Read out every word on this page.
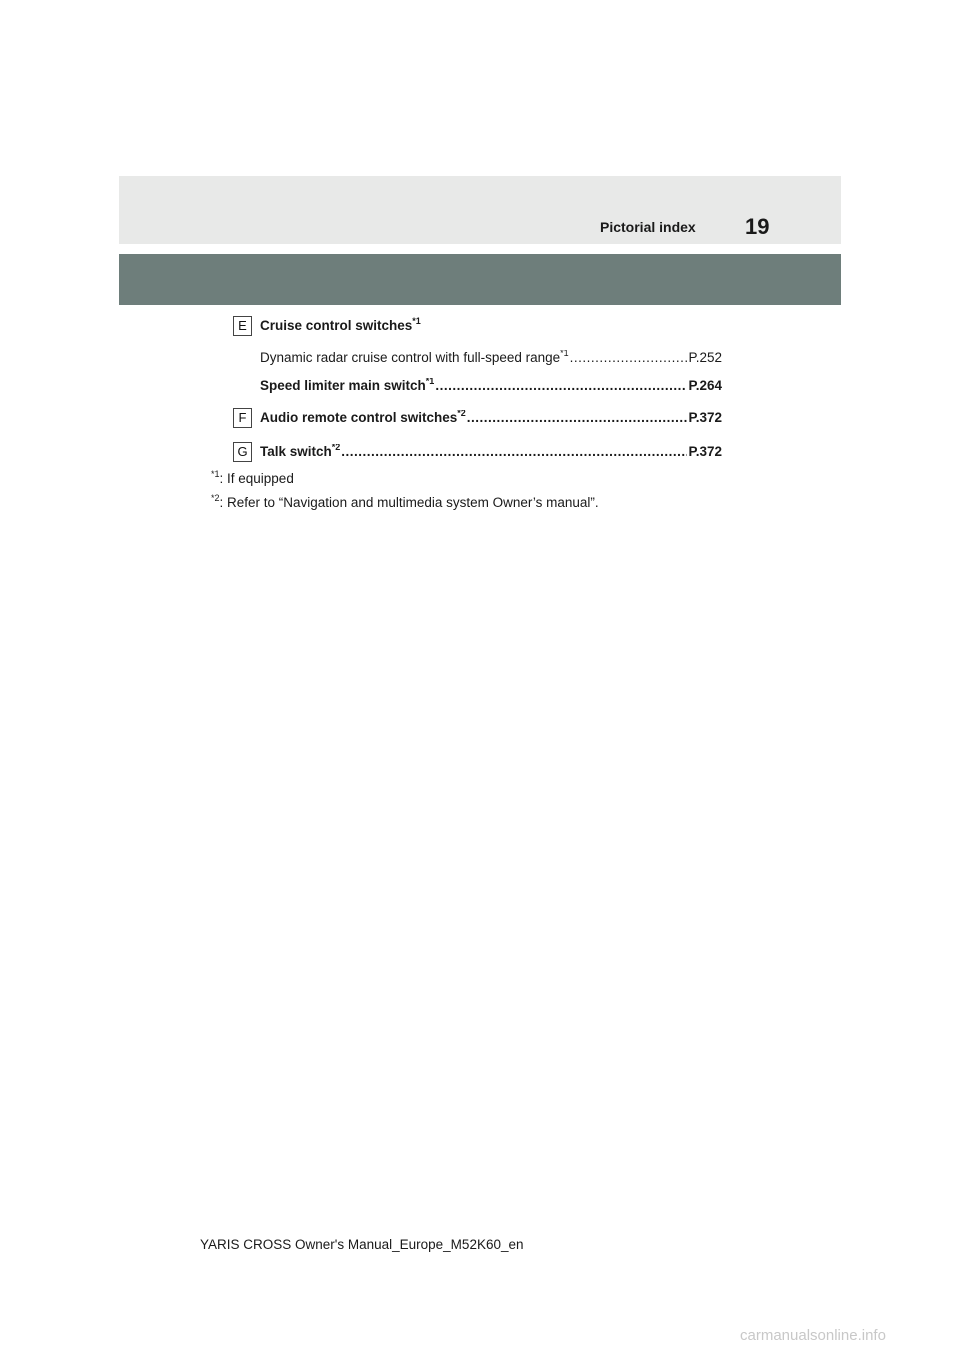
Pictorial index 19
E Cruise control switches$^{*1}$
Dynamic radar cruise control with full-speed range$^{*1}$ .....	P.252
Speed limiter main switch$^{*1}$ .....	P.264
F	Audio remote control switches$^{*2}$ .....	P.372
G Talk switch$^{*2}$ .....	P.372
$^{*1}$: If equipped
$^{*2}$: Refer to “Navigation and multimedia system Owner’s manual”.
YARIS CROSS Owner's Manual_Europe_M52K60_en
carmanualsonline.info
